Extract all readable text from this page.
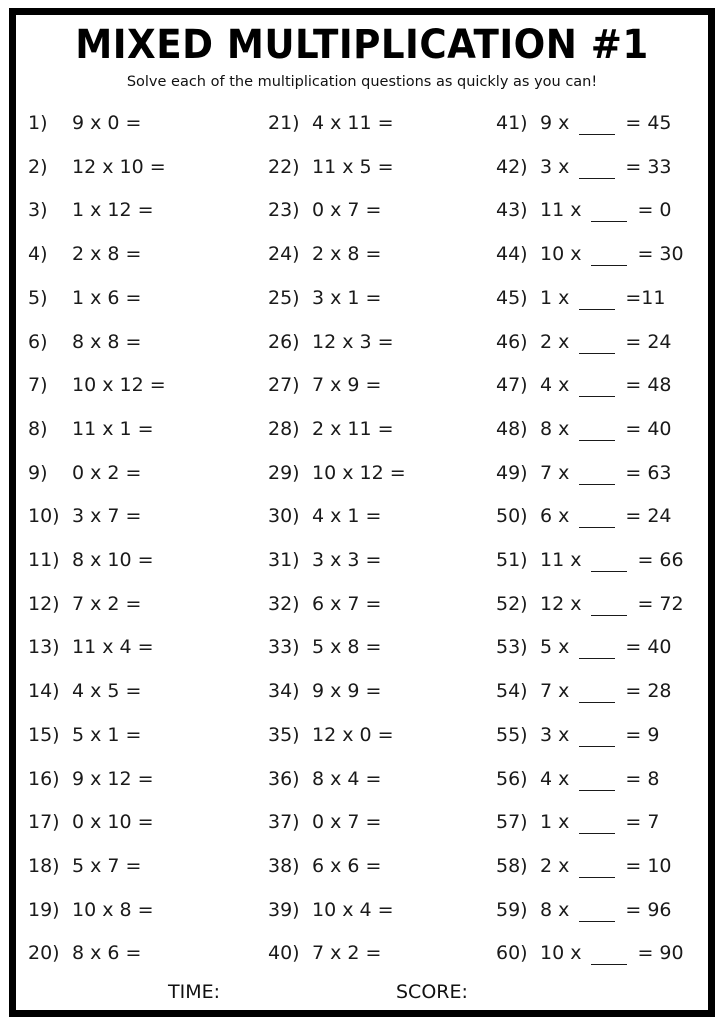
MIXED MULTIPLICATION #1
Solve each of the multiplication questions as quickly as you can!
1) 9 x 0 =
2) 12 x 10 =
3) 1 x 12 =
4) 2 x 8 =
5) 1 x 6 =
6) 8 x 8 =
7) 10 x 12 =
8) 11 x 1 =
9) 0 x 2 =
10) 3 x 7 =
11) 8 x 10 =
12) 7 x 2 =
13) 11 x 4 =
14) 4 x 5 =
15) 5 x 1 =
16) 9 x 12 =
17) 0 x 10 =
18) 5 x 7 =
19) 10 x 8 =
20) 8 x 6 =
21) 4 x 11 =
22) 11 x 5 =
23) 0 x 7 =
24) 2 x 8 =
25) 3 x 1 =
26) 12 x 3 =
27) 7 x 9 =
28) 2 x 11 =
29) 10 x 12 =
30) 4 x 1 =
31) 3 x 3 =
32) 6 x 7 =
33) 5 x 8 =
34) 9 x 9 =
35) 12 x 0 =
36) 8 x 4 =
37) 0 x 7 =
38) 6 x 6 =
39) 10 x 4 =
40) 7 x 2 =
41) 9 x	= 45
42) 3 x	= 33
43) 11 x	= 0
44) 10 x	= 30
45) 1 x	=11
46) 2 x	= 24
47) 4 x	= 48
48) 8 x	= 40
49) 7 x	= 63
50) 6 x	= 24
51) 11 x	= 66
52) 12 x	= 72
53) 5 x	= 40
54) 7 x	= 28
55) 3 x	= 9
56) 4 x	= 8
57) 1 x	= 7
58) 2 x	= 10
59) 8 x	= 96
60) 10 x	= 90
TIME:	SCORE:
